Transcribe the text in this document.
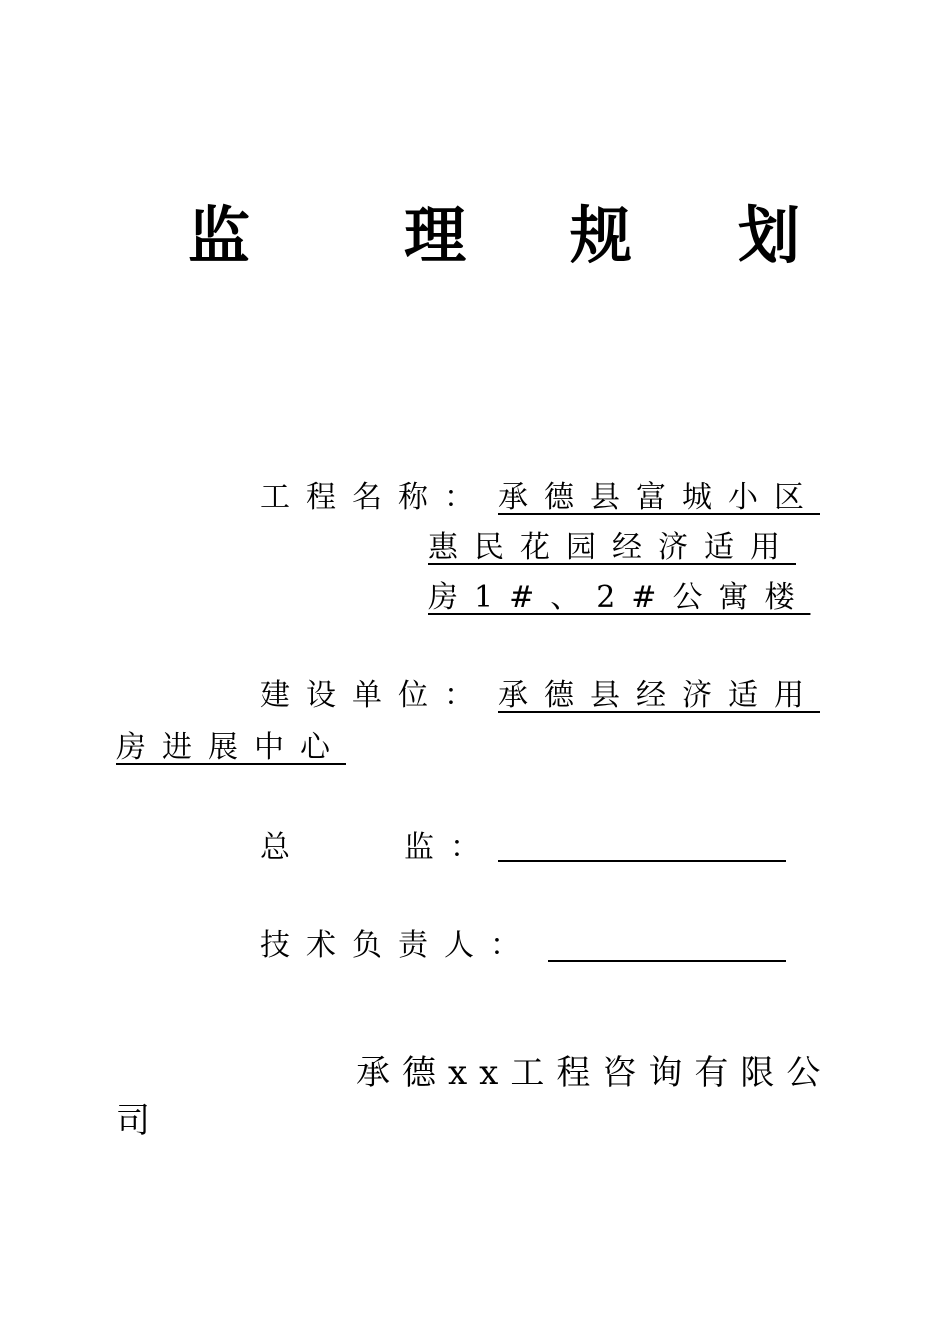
监 理 规 划
工程名称： 承德县富城小区
惠民花园经济适用
房1#、2#公寓楼
建设单位： 承德县经济适用
房进展中心
总	监：
技术负责人：
承德xx工程咨询有限公
司
